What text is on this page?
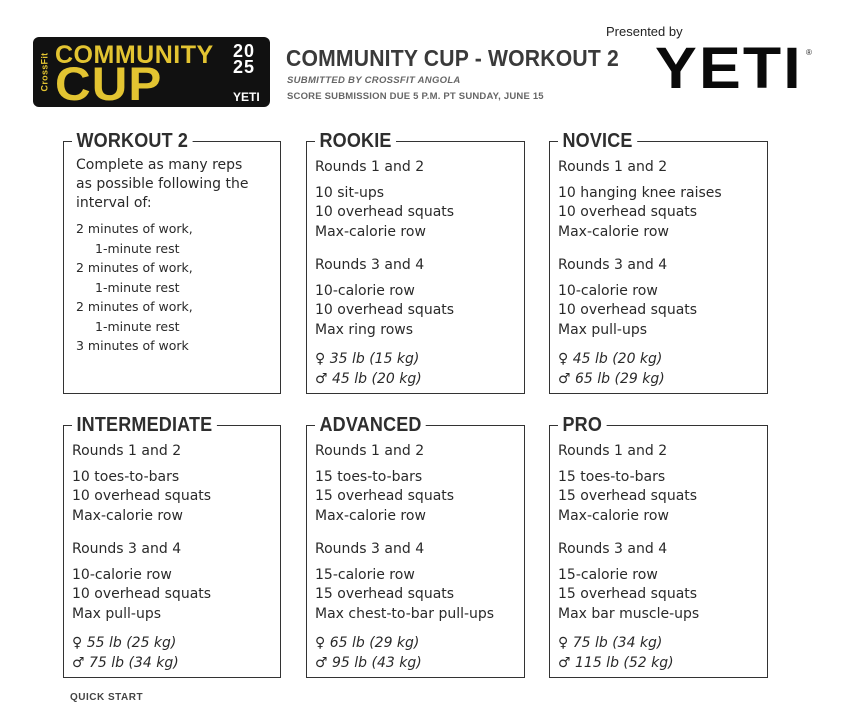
CrossFit COMMUNITY
CUP
20
25
YETI
COMMUNITY CUP - WORKOUT 2
SUBMITTED BY CROSSFIT ANGOLA
SCORE SUBMISSION DUE 5 P.M. PT SUNDAY, JUNE 15
Presented by
YETI ®
WORKOUT 2
Complete as many reps
as possible following the
interval of:
2 minutes of work,
1-minute rest
2 minutes of work,
1-minute rest
2 minutes of work,
1-minute rest
3 minutes of work
ROOKIE
Rounds 1 and 2
10 sit-ups
10 overhead squats
Max-calorie row
Rounds 3 and 4
10-calorie row
10 overhead squats
Max ring rows
♀ 35 lb (15 kg)
♂ 45 lb (20 kg)
NOVICE
Rounds 1 and 2
10 hanging knee raises
10 overhead squats
Max-calorie row
Rounds 3 and 4
10-calorie row
10 overhead squats
Max pull-ups
♀ 45 lb (20 kg)
♂ 65 lb (29 kg)
INTERMEDIATE
Rounds 1 and 2
10 toes-to-bars
10 overhead squats
Max-calorie row
Rounds 3 and 4
10-calorie row
10 overhead squats
Max pull-ups
♀ 55 lb (25 kg)
♂ 75 lb (34 kg)
ADVANCED
Rounds 1 and 2
15 toes-to-bars
15 overhead squats
Max-calorie row
Rounds 3 and 4
15-calorie row
15 overhead squats
Max chest-to-bar pull-ups
♀ 65 lb (29 kg)
♂ 95 lb (43 kg)
PRO
Rounds 1 and 2
15 toes-to-bars
15 overhead squats
Max-calorie row
Rounds 3 and 4
15-calorie row
15 overhead squats
Max bar muscle-ups
♀ 75 lb (34 kg)
♂ 115 lb (52 kg)
QUICK START
